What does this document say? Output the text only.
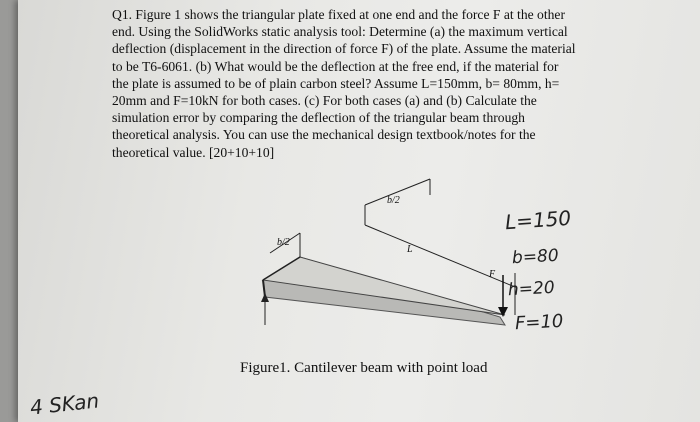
Q1. Figure 1 shows the triangular plate fixed at one end and the force F at the other
end. Using the SolidWorks static analysis tool: Determine (a) the maximum vertical
deflection (displacement in the direction of force F) of the plate. Assume the material
to be T6-6061. (b) What would be the deflection at the free end, if the material for
the plate is assumed to be of plain carbon steel? Assume L=150mm, b= 80mm, h=
20mm and F=10kN for both cases. (c) For both cases (a) and (b) Calculate the
simulation error by comparing the deflection of the triangular beam through
theoretical analysis. You can use the mechanical design textbook/notes for the
theoretical value. [20+10+10]
b/2
b/2
L
F
Figure1. Cantilever beam with point load
L=150
b=80
h=20
F=10
4 SKan
